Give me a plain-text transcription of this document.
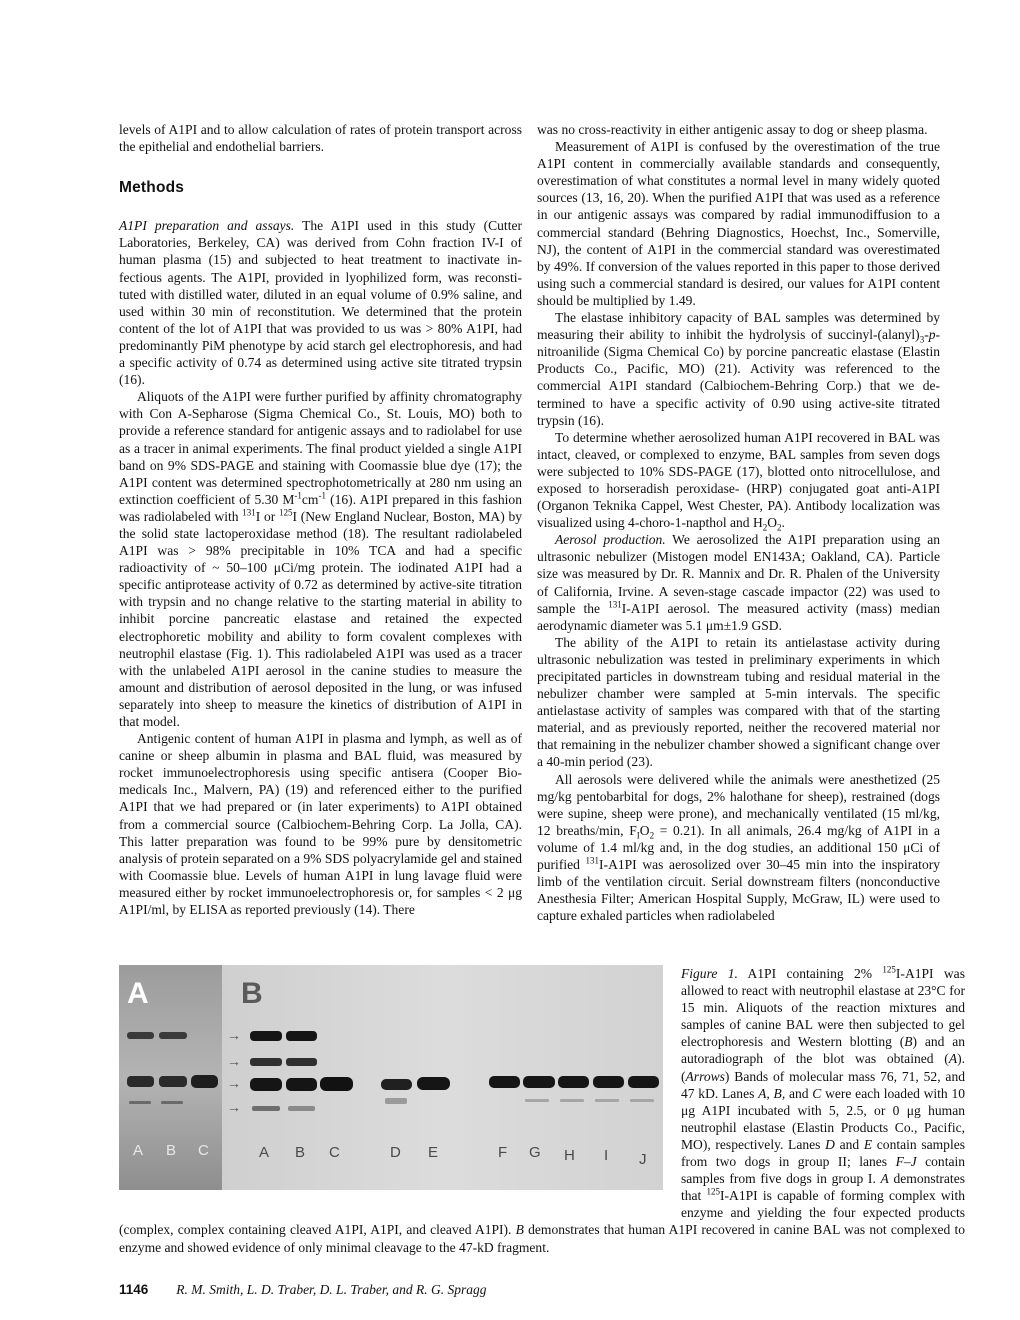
levels of A1PI and to allow calculation of rates of protein transport across the epithelial and endothelial barriers.

Methods

A1PI preparation and assays. The A1PI used in this study (Cutter Laboratories, Berkeley, CA) was derived from Cohn fraction IV-I of human plasma (15) and subjected to heat treatment to inactivate infectious agents. The A1PI, provided in lyophilized form, was reconstituted with distilled water, diluted in an equal volume of 0.9% saline, and used within 30 min of reconstitution. We determined that the protein content of the lot of A1PI that was provided to us was > 80% A1PI, had predominantly PiM phenotype by acid starch gel electrophoresis, and had a specific activity of 0.74 as determined using active site titrated trypsin (16).

Aliquots of the A1PI were further purified by affinity chromatography with Con A-Sepharose (Sigma Chemical Co., St. Louis, MO) both to provide a reference standard for antigenic assays and to radiolabel for use as a tracer in animal experiments. The final product yielded a single A1PI band on 9% SDS-PAGE and staining with Coomassie blue dye (17); the A1PI content was determined spectrophotometrically at 280 nm using an extinction coefficient of 5.30 $M^{-1}cm^{-1}$ (16). A1PI prepared in this fashion was radiolabeled with $^{131}$I or $^{125}$I (New England Nuclear, Boston, MA) by the solid state lactoperoxidase method (18). The resultant radiolabeled A1PI was > 98% precipitable in 10% TCA and had a specific radioactivity of ~ 50–100 μCi/mg protein. The iodinated A1PI had a specific antiprotease activity of 0.72 as determined by active-site titration with trypsin and no change relative to the starting material in ability to inhibit porcine pancreatic elastase and retained the expected electrophoretic mobility and ability to form covalent complexes with neutrophil elastase (Fig. 1). This radiolabeled A1PI was used as a tracer with the unlabeled A1PI aerosol in the canine studies to measure the amount and distribution of aerosol deposited in the lung, or was infused separately into sheep to measure the kinetics of distribution of A1PI in that model.

Antigenic content of human A1PI in plasma and lymph, as well as of canine or sheep albumin in plasma and BAL fluid, was measured by rocket immunoelectrophoresis using specific antisera (Cooper Biomedicals Inc., Malvern, PA) (19) and referenced either to the purified A1PI that we had prepared or (in later experiments) to A1PI obtained from a commercial source (Calbiochem-Behring Corp. La Jolla, CA). This latter preparation was found to be 99% pure by densitometric analysis of protein separated on a 9% SDS polyacrylamide gel and stained with Coomassie blue. Levels of human A1PI in lung lavage fluid were measured either by rocket immunoelectrophoresis or, for samples < 2 μg A1PI/ml, by ELISA as reported previously (14). There

was no cross-reactivity in either antigenic assay to dog or sheep plasma.

Measurement of A1PI is confused by the overestimation of the true A1PI content in commercially available standards and consequently, overestimation of what constitutes a normal level in many widely quoted sources (13, 16, 20). When the purified A1PI that was used as a reference in our antigenic assays was compared by radial immunodiffusion to a commercial standard (Behring Diagnostics, Hoechst, Inc., Somerville, NJ), the content of A1PI in the commercial standard was overestimated by 49%. If conversion of the values reported in this paper to those derived using such a commercial standard is desired, our values for A1PI content should be multiplied by 1.49.

The elastase inhibitory capacity of BAL samples was determined by measuring their ability to inhibit the hydrolysis of succinyl-$(alanyl)_3-p$-nitroanilide (Sigma Chemical Co) by porcine pancreatic elastase (Elastin Products Co., Pacific, MO) (21). Activity was referenced to the commercial A1PI standard (Calbiochem-Behring Corp.) that we determined to have a specific activity of 0.90 using active-site titrated trypsin (16).

To determine whether aerosolized human A1PI recovered in BAL was intact, cleaved, or complexed to enzyme, BAL samples from seven dogs were subjected to 10% SDS-PAGE (17), blotted onto nitrocellulose, and exposed to horseradish peroxidase- (HRP) conjugated goat anti-A1PI (Organon Teknika Cappel, West Chester, PA). Antibody localization was visualized using 4-choro-1-napthol and $H_2O_2$.

Aerosol production. We aerosolized the A1PI preparation using an ultrasonic nebulizer (Mistogen model EN143A; Oakland, CA). Particle size was measured by Dr. R. Mannix and Dr. R. Phalen of the University of California, Irvine. A seven-stage cascade impactor (22) was used to sample the $^{131}$I-A1PI aerosol. The measured activity (mass) median aerodynamic diameter was 5.1 μm±1.9 GSD.

The ability of the A1PI to retain its antielastase activity during ultrasonic nebulization was tested in preliminary experiments in which precipitated particles in downstream tubing and residual material in the nebulizer chamber were sampled at 5-min intervals. The specific antielastase activity of samples was compared with that of the starting material, and as previously reported, neither the recovered material nor that remaining in the nebulizer chamber showed a significant change over a 40-min period (23).

All aerosols were delivered while the animals were anesthetized (25 mg/kg pentobarbital for dogs, 2% halothane for sheep), restrained (dogs were supine, sheep were prone), and mechanically ventilated (15 ml/kg, 12 breaths/min, $F_IO_2 = 0.21$). In all animals, 26.4 mg/kg of A1PI in a volume of 1.4 ml/kg and, in the dog studies, an additional 150 μCi of purified $^{131}$I-A1PI was aerosolized over 30–45 min into the inspiratory limb of the ventilation circuit. Serial downstream filters (nonconductive Anesthesia Filter; American Hospital Supply, McGraw, IL) were used to capture exhaled particles when radiolabeled

A
A B C
B
→
→
→
→
A B C	D E	F G H I J
Figure 1. A1PI containing 2% $^{125}$I-A1PI was allowed to react with neutrophil elastase at 23°C for 15 min. Aliquots of the reaction mixtures and samples of canine BAL were then subjected to gel electrophoresis and Western blotting (B) and an autoradiograph of the blot was obtained (A). (Arrows) Bands of molecular mass 76, 71, 52, and 47 kD. Lanes A, B, and C were each loaded with 10 μg A1PI incubated with 5, 2.5, or 0 μg human neutrophil elastase (Elastin Products Co., Pacific, MO), respectively. Lanes D and E contain samples from two dogs in group II; lanes F–J contain samples from five dogs in group I. A demonstrates that $^{125}$I-A1PI is capable of forming complex with enzyme and yielding the four expected products (complex, complex containing cleaved A1PI, A1PI, and cleaved A1PI). B demonstrates that human A1PI recovered in canine BAL was not complexed to enzyme and showed evidence of only minimal cleavage to the 47-kD fragment.
1146 R. M. Smith, L. D. Traber, D. L. Traber, and R. G. Spragg
